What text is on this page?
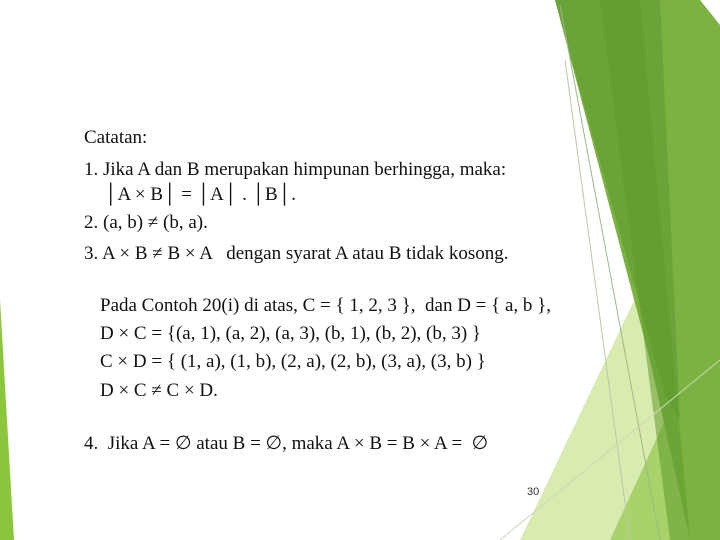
Catatan:
1. Jika A dan B merupakan himpunan berhingga, maka:
│A × B│ = │A│ . │B│.
2. (a, b) ≠ (b, a).
3. A × B ≠ B × A   dengan syarat A atau B tidak kosong.
Pada Contoh 20(i) di atas, C = { 1, 2, 3 },  dan D = { a, b },
D × C = {(a, 1), (a, 2), (a, 3), (b, 1), (b, 2), (b, 3) }
C × D = { (1, a), (1, b), (2, a), (2, b), (3, a), (3, b) }
D × C ≠ C × D.
4.  Jika A = ∅ atau B = ∅, maka A × B = B × A =  ∅
30
